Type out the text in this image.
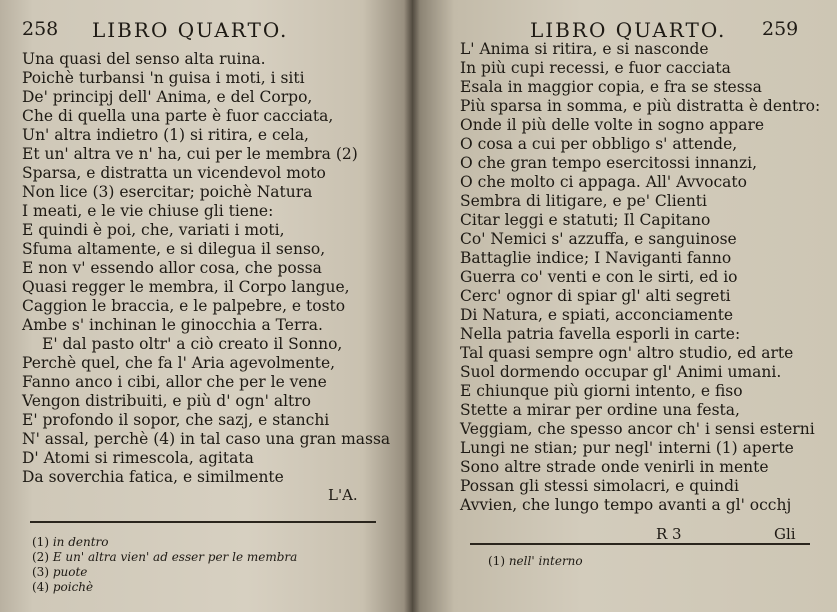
258 LIBRO QUARTO.
Una quasi del senso alta ruina.
Poichè turbansi 'n guisa i moti, i siti
De' principj dell' Anima, e del Corpo,
Che di quella una parte è fuor cacciata,
Un' altra indietro (1) si ritira, e cela,
Et un' altra ve n' ha, cui per le membra (2)
Sparsa, e distratta un vicendevol moto
Non lice (3) esercitar; poichè Natura
I meati, e le vie chiuse gli tiene:
E quindi è poi, che, variati i moti,
Sfuma altamente, e si dilegua il senso,
E non v' essendo allor cosa, che possa
Quasi regger le membra, il Corpo langue,
Caggion le braccia, e le palpebre, e tosto
Ambe s' inchinan le ginocchia a Terra.
E' dal pasto oltr' a ciò creato il Sonno,
Perchè quel, che fa l' Aria agevolmente,
Fanno anco i cibi, allor che per le vene
Vengon distribuiti, e più d' ogn' altro
E' profondo il sopor, che sazj, e stanchi
N' assal, perchè (4) in tal caso una gran massa
D' Atomi si rimescola, agitata
Da soverchia fatica, e similmente
L'A.
(1) in dentro
(2) E un' altra vien' ad esser per le membra
(3) puote
(4) poichè
LIBRO QUARTO. 259
L' Anima si ritira, e si nasconde
In più cupi recessi, e fuor cacciata
Esala in maggior copia, e fra se stessa
Più sparsa in somma, e più distratta è dentro:
Onde il più delle volte in sogno appare
O cosa a cui per obbligo s' attende,
O che gran tempo esercitossi innanzi,
O che molto ci appaga. All' Avvocato
Sembra di litigare, e pe' Clienti
Citar leggi e statuti; Il Capitano
Co' Nemici s' azzuffa, e sanguinose
Battaglie indice; I Naviganti fanno
Guerra co' venti e con le sirti, ed io
Cerc' ognor di spiar gl' alti segreti
Di Natura, e spiati, acconciamente
Nella patria favella esporli in carte:
Tal quasi sempre ogn' altro studio, ed arte
Suol dormendo occupar gl' Animi umani.
E chiunque più giorni intento, e fiso
Stette a mirar per ordine una festa,
Veggiam, che spesso ancor ch' i sensi esterni
Lungi ne stian; pur negl' interni (1) aperte
Sono altre strade onde venirli in mente
Possan gli stessi simolacri, e quindi
Avvien, che lungo tempo avanti a gl' occhj
R 3	Gli
(1) nell' interno
